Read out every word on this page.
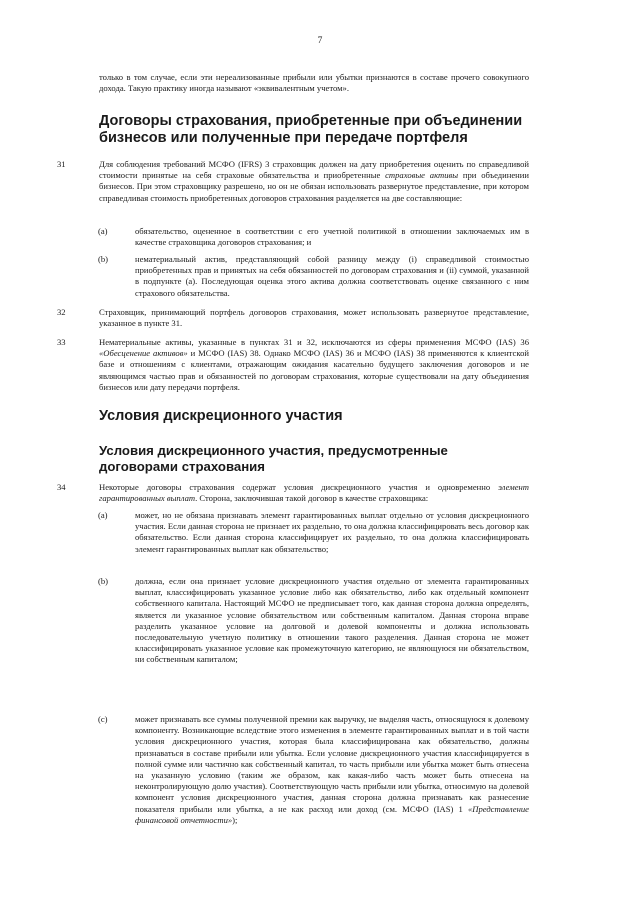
7

только в том случае, если эти нереализованные прибыли или убытки признаются в составе прочего совокупного дохода. Такую практику иногда называют «эквивалентным учетом».

Договоры страхования, приобретенные при объединении бизнесов или полученные при передаче портфеля
31	Для соблюдения требований МСФО (IFRS) 3 страховщик должен на дату приобретения оценить по справедливой стоимости принятые на себя страховые обязательства и приобретенные страховые активы при объединении бизнесов. При этом страховщику разрешено, но он не обязан использовать развернутое представление, при котором справедливая стоимость приобретенных договоров страхования разделяется на две составляющие:

(a)	обязательство, оцененное в соответствии с его учетной политикой в отношении заключаемых им в качестве страховщика договоров страхования; и

(b)	нематериальный актив, представляющий собой разницу между (i) справедливой стоимостью приобретенных прав и принятых на себя обязанностей по договорам страхования и (ii) суммой, указанной в подпункте (a). Последующая оценка этого актива должна соответствовать оценке связанного с ним страхового обязательства.

32	Страховщик, принимающий портфель договоров страхования, может использовать развернутое представление, указанное в пункте 31.

33	Нематериальные активы, указанные в пунктах 31 и 32, исключаются из сферы применения МСФО (IAS) 36 «Обесценение активов» и МСФО (IAS) 38. Однако МСФО (IAS) 36 и МСФО (IAS) 38 применяются к клиентской базе и отношениям с клиентами, отражающим ожидания касательно будущего заключения договоров и не являющимся частью прав и обязанностей по договорам страхования, которые существовали на дату объединения бизнесов или дату передачи портфеля.

Условия дискреционного участия
Условия дискреционного участия, предусмотренные договорами страхования
34	Некоторые договоры страхования содержат условия дискреционного участия и одновременно элемент гарантированных выплат. Сторона, заключившая такой договор в качестве страховщика:

(a)	может, но не обязана признавать элемент гарантированных выплат отдельно от условия дискреционного участия. Если данная сторона не признает их раздельно, то она должна классифицировать весь договор как обязательство. Если данная сторона классифицирует их раздельно, то она должна классифицировать элемент гарантированных выплат как обязательство;

(b)	должна, если она признает условие дискреционного участия отдельно от элемента гарантированных выплат, классифицировать указанное условие либо как обязательство, либо как отдельный компонент собственного капитала. Настоящий МСФО не предписывает того, как данная сторона должна определять, является ли указанное условие обязательством или собственным капиталом. Данная сторона вправе разделить указанное условие на долговой и долевой компоненты и должна использовать последовательную учетную политику в отношении такого разделения. Данная сторона не может классифицировать указанное условие как промежуточную категорию, не являющуюся ни обязательством, ни собственным капиталом;

(c)	может признавать все суммы полученной премии как выручку, не выделяя часть, относящуюся к долевому компоненту. Возникающие вследствие этого изменения в элементе гарантированных выплат и в той части условия дискреционного участия, которая была классифицирована как обязательство, должны признаваться в составе прибыли или убытка. Если условие дискреционного участия классифицируется в полной сумме или частично как собственный капитал, то часть прибыли или убытка может быть отнесена на указанную условию (таким же образом, как какая-либо часть может быть отнесена на неконтролирующую долю участия). Соответствующую часть прибыли или убытка, относимую на долевой компонент условия дискреционного участия, данная сторона должна признавать как разнесение показателя прибыли или убытка, а не как расход или доход (см. МСФО (IAS) 1 «Представление финансовой отчетности»);
